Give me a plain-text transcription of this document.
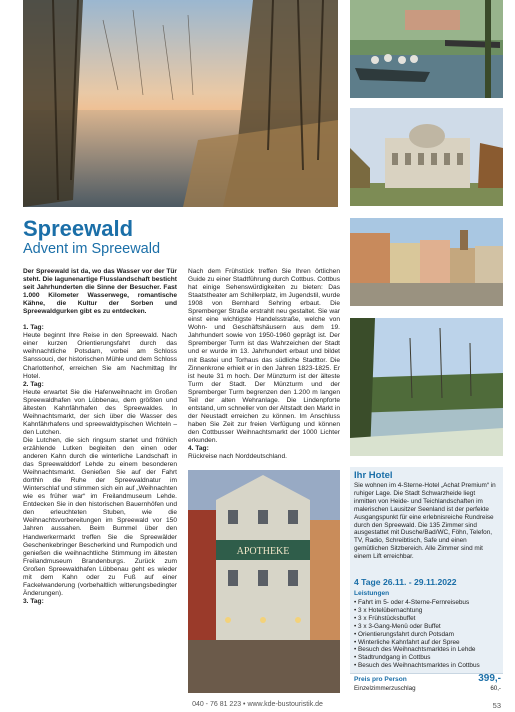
APOTHEKE
Spreewald
Advent im Spreewald

Der Spreewald ist da, wo das Wasser vor der Tür steht. Die lagunenartige Flusslandschaft besticht seit Jahrhunderten die Sinne der Besucher. Fast 1.000 Kilometer Wasserwege, romantische Kähne, die Kultur der Sorben und Spreewaldgurken gibt es zu entdecken.

1. Tag:
Heute beginnt Ihre Reise in den Spreewald. Nach einer kurzen Orientierungsfahrt durch das weihnachtliche Potsdam, vorbei am Schloss Sanssouci, der historischen Mühle und dem Schloss Charlottenhof, erreichen Sie am Nachmittag Ihr Hotel.

2. Tag:
Heute erwartet Sie die Hafenweihnacht im Großen Spreewaldhafen von Lübbenau, dem größten und ältesten Kahnfährhafen des Spreewaldes. In Weihnachtsmarkt, der sich über die Wasser des Kahnfährhafens und spreewaldtypischen Wichteln – den Lutchen.

Die Lutchen, die sich ringsum startet und fröhlich erzählende Lutken begleiten den einen oder anderen Kahn durch die winterliche Landschaft in das Spreewalddorf Lehde zu einem besonderen Weihnachtsmarkt. Genießen Sie auf der Fahrt dorthin die Ruhe der Spreewaldnatur im Winterschlaf und stimmen sich ein auf „Weihnachten wie es früher war“ im Freilandmuseum Lehde. Entdecken Sie in den historischen Bauernhöfen und den erleuchteten Stuben, wie die Weihnachtsvorbereitungen im Spreewald vor 150 Jahren aussahen. Beim Bummel über den Handwerkermarkt treffen Sie die Spreewälder Geschenkebringer Bescherkind und Rumpodich und genießen die weihnachtliche Stimmung im ältesten Freilandmuseum Brandenburgs. Zurück zum Großen Spreewaldhafen Lübbenau geht es wieder mit dem Kahn oder zu Fuß auf einer Fackelwanderung (vorbehaltlich witterungsbedingter Änderungen).

3. Tag:

Nach dem Frühstück treffen Sie Ihren örtlichen Guide zu einer Stadtführung durch Cottbus. Cottbus hat einige Sehenswürdigkeiten zu bieten: Das Staatstheater am Schillerplatz, im Jugendstil, wurde 1908 von Bernhard Sehring erbaut. Die Spremberger Straße erstrahlt neu gestaltet. Sie war einst eine wichtigste Handelsstraße, welche von Wohn- und Geschäftshäusern aus dem 19. Jahrhundert sowie von 1950-1960 geprägt ist. Der Spremberger Turm ist das Wahrzeichen der Stadt und er wurde im 13. Jahrhundert erbaut und bildet mit Bastei und Torhaus das südliche Stadttor. Die Zinnenkrone erhielt er in den Jahren 1823-1825. Er ist heute 31 m hoch. Der Münzturm ist der älteste Turm der Stadt. Der Münzturm und der Spremberger Turm begrenzen den 1.200 m langen Teil der alten Wehranlage. Die Lindenpforte entstand, um schneller von der Altstadt den Markt in der Neustadt erreichen zu können. Im Anschluss haben Sie Zeit zur freien Verfügung und können den Cottbusser Weihnachtsmarkt der 1000 Lichter erkunden.

4. Tag:
Rückreise nach Norddeutschland.

Ihr Hotel
Sie wohnen im 4-Sterne-Hotel „Achat Premium“ in ruhiger Lage. Die Stadt Schwarzheide liegt inmitten von Heide- und Teichlandschaften im malerischen Lausitzer Seenland ist der perfekte Ausgangspunkt für eine erlebnisreiche Rundreise durch den Spreewald. Die 135 Zimmer sind ausgestattet mit Dusche/Bad/WC, Föhn, Telefon, TV, Radio, Schreibtisch, Safe und einen gemütlichen Sitzbereich. Alle Zimmer sind mit einem Lift erreichbar.
4 Tage 26.11. - 29.11.2022
Leistungen
• Fahrt im 5- oder 4-Sterne-Fernreisebus
• 3 x Hotelübernachtung
• 3 x Frühstücksbuffet
• 3 x 3-Gang-Menü oder Buffet
• Orientierungsfahrt durch Potsdam
• Winterliche Kahnfahrt auf der Spree
• Besuch des Weihnachtsmarktes in Lehde
• Stadtrundgang in Cottbus
• Besuch des Weihnachtsmarktes in Cottbus
Preis pro Person	399,-
Einzelzimmerzuschlag	60,-
040 - 76 81 223 • www.kde-bustouristik.de	53
